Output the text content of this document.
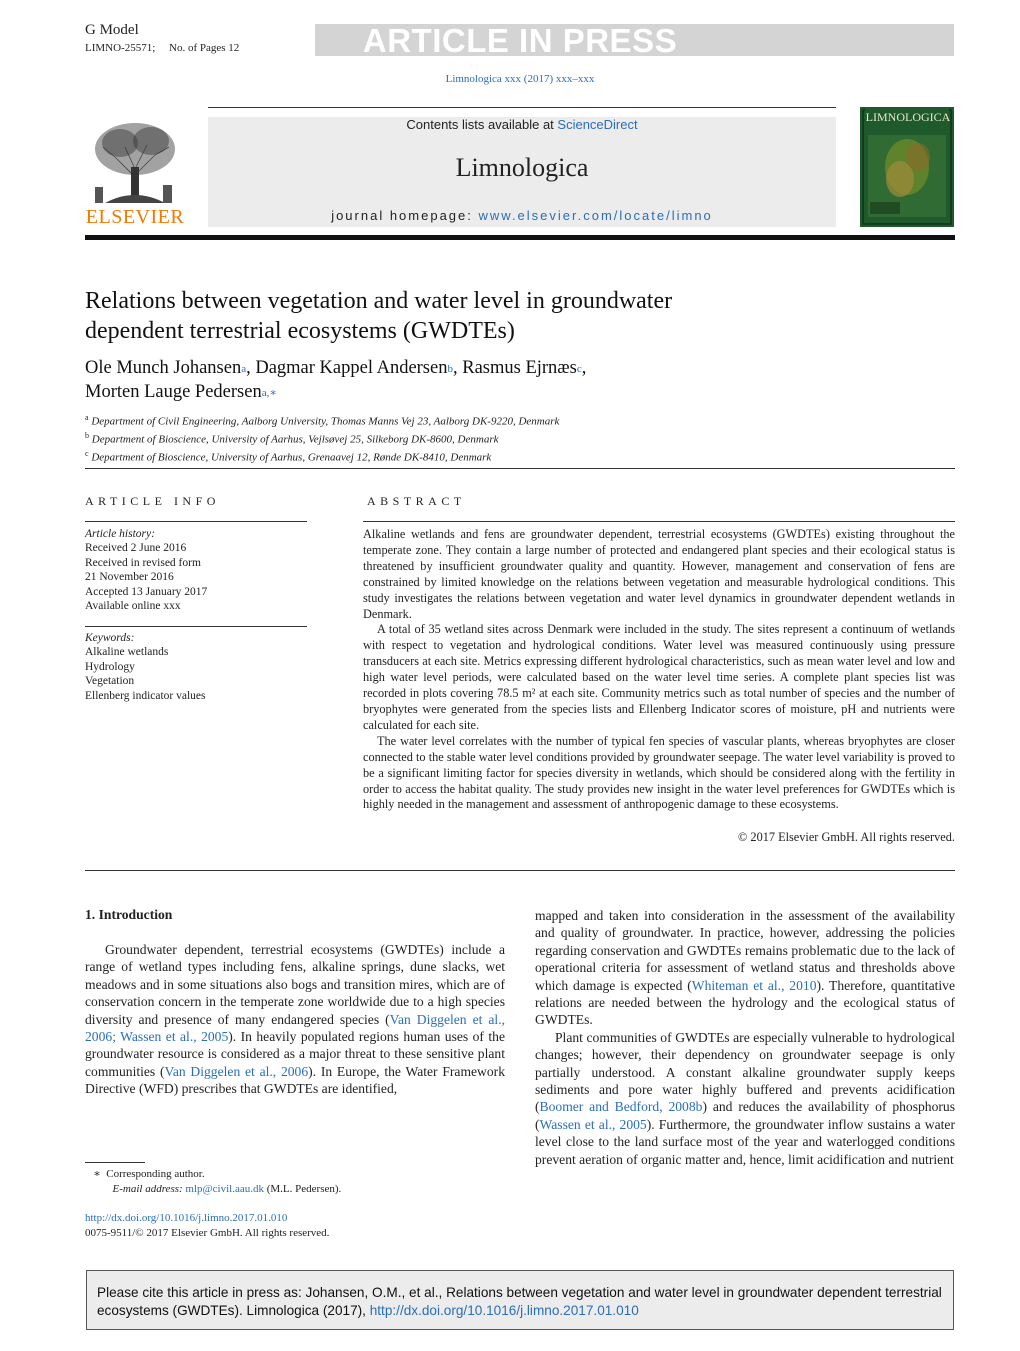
G Model
LIMNO-25571; No. of Pages 12	ARTICLE IN PRESS
Limnologica xxx (2017) xxx–xxx
Contents lists available at ScienceDirect
Limnologica
journal homepage: www.elsevier.com/locate/limno
ELSEVIER
LIMNOLOGICA
Relations between vegetation and water level in groundwater
dependent terrestrial ecosystems (GWDTEs)
Ole Munch Johansen$^a$, Dagmar Kappel Andersen$^b$, Rasmus Ejrnæs$^c$,
Morten Lauge Pedersen$^{a,∗}$
$^a$ Department of Civil Engineering, Aalborg University, Thomas Manns Vej 23, Aalborg DK-9220, Denmark
$^b$ Department of Bioscience, University of Aarhus, Vejlsøvej 25, Silkeborg DK-8600, Denmark
$^c$ Department of Bioscience, University of Aarhus, Grenaavej 12, Rønde DK-8410, Denmark
ARTICLE INFO
Article history:
Received 2 June 2016
Received in revised form
21 November 2016
Accepted 13 January 2017
Available online xxx
Keywords:
Alkaline wetlands
Hydrology
Vegetation
Ellenberg indicator values
ABSTRACT

Alkaline wetlands and fens are groundwater dependent, terrestrial ecosystems (GWDTEs) existing throughout the temperate zone. They contain a large number of protected and endangered plant species and their ecological status is threatened by insufficient groundwater quality and quantity. However, management and conservation of fens are constrained by limited knowledge on the relations between vegetation and measurable hydrological conditions. This study investigates the relations between vegetation and water level dynamics in groundwater dependent wetlands in Denmark.

A total of 35 wetland sites across Denmark were included in the study. The sites represent a continuum of wetlands with respect to vegetation and hydrological conditions. Water level was measured continuously using pressure transducers at each site. Metrics expressing different hydrological characteristics, such as mean water level and low and high water level periods, were calculated based on the water level time series. A complete plant species list was recorded in plots covering 78.5 m² at each site. Community metrics such as total number of species and the number of bryophytes were generated from the species lists and Ellenberg Indicator scores of moisture, pH and nutrients were calculated for each site.

The water level correlates with the number of typical fen species of vascular plants, whereas bryophytes are closer connected to the stable water level conditions provided by groundwater seepage. The water level variability is proved to be a significant limiting factor for species diversity in wetlands, which should be considered along with the fertility in order to access the habitat quality. The study provides new insight in the water level preferences for GWDTEs which is highly needed in the management and assessment of anthropogenic damage to these ecosystems.

© 2017 Elsevier GmbH. All rights reserved.
1. Introduction

Groundwater dependent, terrestrial ecosystems (GWDTEs) include a range of wetland types including fens, alkaline springs, dune slacks, wet meadows and in some situations also bogs and transition mires, which are of conservation concern in the temperate zone worldwide due to a high species diversity and presence of many endangered species (Van Diggelen et al., 2006; Wassen et al., 2005). In heavily populated regions human uses of the groundwater resource is considered as a major threat to these sensitive plant communities (Van Diggelen et al., 2006). In Europe, the Water Framework Directive (WFD) prescribes that GWDTEs are identified,

mapped and taken into consideration in the assessment of the availability and quality of groundwater. In practice, however, addressing the policies regarding conservation and GWDTEs remains problematic due to the lack of operational criteria for assessment of wetland status and thresholds above which damage is expected (Whiteman et al., 2010). Therefore, quantitative relations are needed between the hydrology and the ecological status of GWDTEs.

Plant communities of GWDTEs are especially vulnerable to hydrological changes; however, their dependency on groundwater seepage is only partially understood. A constant alkaline groundwater supply keeps sediments and pore water highly buffered and prevents acidification (Boomer and Bedford, 2008b) and reduces the availability of phosphorus (Wassen et al., 2005). Furthermore, the groundwater inflow sustains a water level close to the land surface most of the year and waterlogged conditions prevent aeration of organic matter and, hence, limit acidification and nutrient

∗ Corresponding author.
E-mail address: mlp@civil.aau.dk (M.L. Pedersen).
http://dx.doi.org/10.1016/j.limno.2017.01.010
0075-9511/© 2017 Elsevier GmbH. All rights reserved.
Please cite this article in press as: Johansen, O.M., et al., Relations between vegetation and water level in groundwater dependent terrestrial ecosystems (GWDTEs). Limnologica (2017), http://dx.doi.org/10.1016/j.limno.2017.01.010
